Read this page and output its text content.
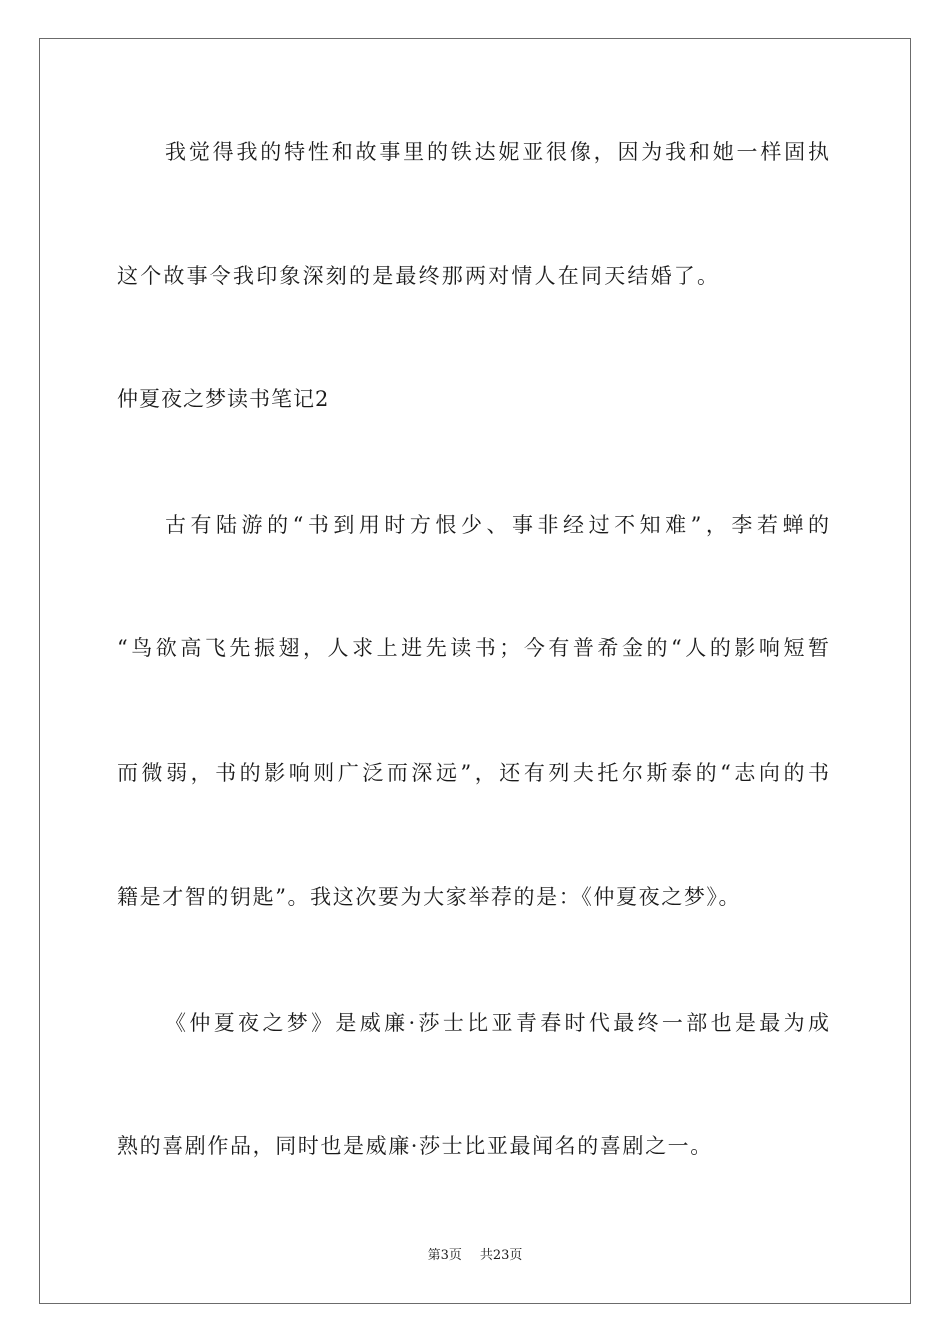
我觉得我的特性和故事里的铁达妮亚很像，因为我和她一样固执
这个故事令我印象深刻的是最终那两对情人在同天结婚了。
仲夏夜之梦读书笔记2
古有陆游的“书到用时方恨少、事非经过不知难”，李若蝉的
“鸟欲高飞先振翅，人求上进先读书；今有普希金的“人的影响短暂
而微弱，书的影响则广泛而深远”，还有列夫托尔斯泰的“志向的书
籍是才智的钥匙”。我这次要为大家举荐的是：《仲夏夜之梦》。
《仲夏夜之梦》是威廉·莎士比亚青春时代最终一部也是最为成
熟的喜剧作品，同时也是威廉·莎士比亚最闻名的喜剧之一。
第3页 共23页
